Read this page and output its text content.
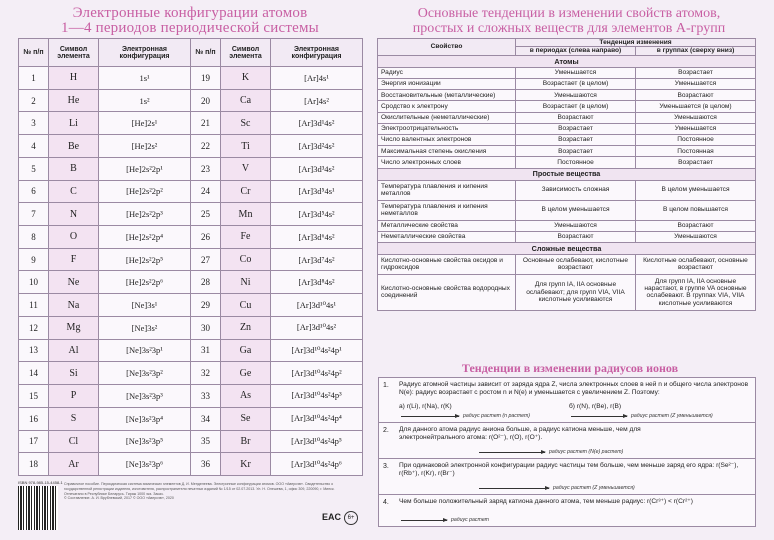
Электронные конфигурации атомов
1—4 периодов периодической системы
№ п/п	Символ элемента	Электронная конфигурация	№ п/п	Символ элемента	Электронная конфигурация
1	H	1s¹	19	K	[Ar]4s¹
2	He	1s²	20	Ca	[Ar]4s²
3	Li	[He]2s¹	21	Sc	[Ar]3d¹4s²
4	Be	[He]2s²	22	Ti	[Ar]3d²4s²
5	B	[He]2s²2p¹	23	V	[Ar]3d³4s²
6	C	[He]2s²2p²	24	Cr	[Ar]3d⁵4s¹
7	N	[He]2s²2p³	25	Mn	[Ar]3d⁵4s²
8	O	[He]2s²2p⁴	26	Fe	[Ar]3d⁶4s²
9	F	[He]2s²2p⁵	27	Co	[Ar]3d⁷4s²
10	Ne	[He]2s²2p⁶	28	Ni	[Ar]3d⁸4s²
11	Na	[Ne]3s¹	29	Cu	[Ar]3d¹⁰4s¹
12	Mg	[Ne]3s²	30	Zn	[Ar]3d¹⁰4s²
13	Al	[Ne]3s²3p¹	31	Ga	[Ar]3d¹⁰4s²4p¹
14	Si	[Ne]3s²3p²	32	Ge	[Ar]3d¹⁰4s²4p²
15	P	[Ne]3s²3p³	33	As	[Ar]3d¹⁰4s²4p³
16	S	[Ne]3s²3p⁴	34	Se	[Ar]3d¹⁰4s²4p⁴
17	Cl	[Ne]3s²3p⁵	35	Br	[Ar]3d¹⁰4s²4p⁵
18	Ar	[Ne]3s²3p⁶	36	Kr	[Ar]3d¹⁰4s²4p⁶
ISBN 978-985-15-4458-1 Справочное пособие. Периодическая система химических элементов Д. И. Менделеева. Электронные конфигурации атомов. ООО «Аверсэв». Свидетельство о государственной регистрации издателя, изготовителя, распространителя печатных изданий № 1/15 от 02.07.2013. Ул. Н. Олешева, 1, офис 309, 220090, г. Минск. Отпечатано в Республике Беларусь. Тираж 1000 экз. Заказ.
© Составление. А. И. Врублевский, 2017 © ООО «Аверсэв», 2020
EAC	6+
Основные тенденции в изменении свойств атомов,
простых и сложных веществ для элементов А-групп
Свойство	Тенденция изменения	
	в периодах (слева направо)	в группах (сверху вниз)
Атомы		
Радиус	Уменьшается	Возрастает
Энергия ионизации	Возрастает (в целом)	Уменьшается
Восстановительные (металлические)	Уменьшаются	Возрастают
Сродство к электрону	Возрастает (в целом)	Уменьшается (в целом)
Окислительные (неметаллические)	Возрастают	Уменьшаются
Электроотрицательность	Возрастает	Уменьшается
Число валентных электронов	Возрастает	Постоянное
Максимальная степень окисления	Возрастает	Постоянная
Число электронных слоев	Постоянное	Возрастает
Простые вещества		
Температура плавления и кипения металлов	Зависимость сложная	В целом уменьшается
Температура плавления и кипения неметаллов	В целом уменьшается	В целом повышается
Металлические свойства	Уменьшаются	Возрастают
Неметаллические свойства	Возрастают	Уменьшаются
Сложные вещества		
Кислотно-основные свойства оксидов и гидроксидов	Основные ослабевают, кислотные возрастают	Кислотные ослабевают, основные возрастают
Кислотно-основные свойства водородных соединений	Для групп IA, IIA основные ослабевают; для групп VIA, VIIA кислотные усиливаются	Для групп IA, IIA основные нарастают, в группе VA основные ослабевают. В группах VIA, VIIA кислотные усиливаются
Тенденции в изменении радиусов ионов
1. Радиус атомной частицы зависит от заряда ядра Z, числа электронных слоев в ней n и общего числа электронов N(e): радиус возрастает с ростом n и N(e) и уменьшается с увеличением Z. Поэтому:
а) r(Li), r(Na), r(K)	б) r(N), r(Be), r(B)
радиус растет (n растет)	радиус растет (Z уменьшается)
2. Для данного атома радиус аниона больше, а радиус катиона меньше, чем для электронейтрального атома: r(O²⁻), r(O), r(O⁺).
радиус растет (N(e) растет)
3. При одинаковой электронной конфигурации радиус частицы тем больше, чем меньше заряд его ядра: r(Se²⁻), r(Rb⁺), r(Kr), r(Br⁻)
радиус растет (Z уменьшается)
4. Чем больше положительный заряд катиона данного атома, тем меньше радиус: r(Cr³⁺) < r(Cr²⁺)
радиус растет
